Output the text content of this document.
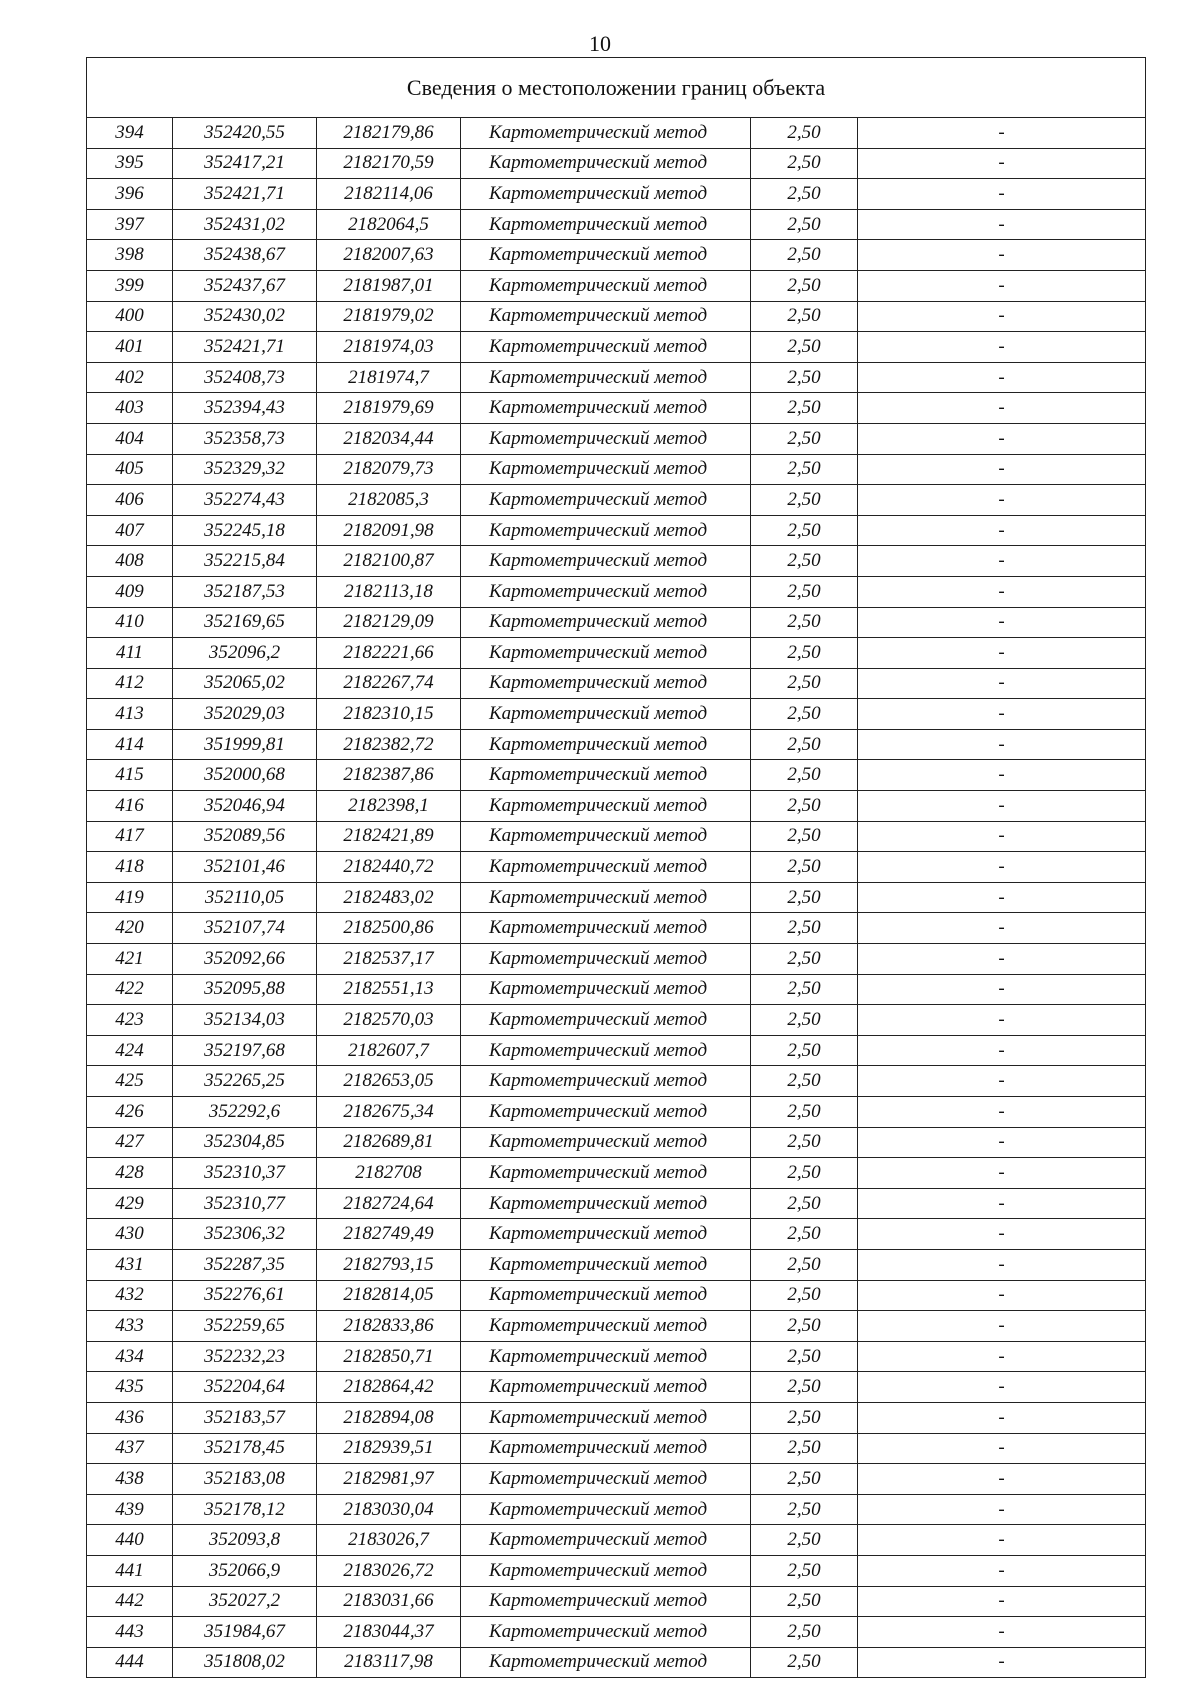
10
Сведения о местоположении границ объекта					
394	352420,55	2182179,86	Картометрический метод	2,50	-
395	352417,21	2182170,59	Картометрический метод	2,50	-
396	352421,71	2182114,06	Картометрический метод	2,50	-
397	352431,02	2182064,5	Картометрический метод	2,50	-
398	352438,67	2182007,63	Картометрический метод	2,50	-
399	352437,67	2181987,01	Картометрический метод	2,50	-
400	352430,02	2181979,02	Картометрический метод	2,50	-
401	352421,71	2181974,03	Картометрический метод	2,50	-
402	352408,73	2181974,7	Картометрический метод	2,50	-
403	352394,43	2181979,69	Картометрический метод	2,50	-
404	352358,73	2182034,44	Картометрический метод	2,50	-
405	352329,32	2182079,73	Картометрический метод	2,50	-
406	352274,43	2182085,3	Картометрический метод	2,50	-
407	352245,18	2182091,98	Картометрический метод	2,50	-
408	352215,84	2182100,87	Картометрический метод	2,50	-
409	352187,53	2182113,18	Картометрический метод	2,50	-
410	352169,65	2182129,09	Картометрический метод	2,50	-
411	352096,2	2182221,66	Картометрический метод	2,50	-
412	352065,02	2182267,74	Картометрический метод	2,50	-
413	352029,03	2182310,15	Картометрический метод	2,50	-
414	351999,81	2182382,72	Картометрический метод	2,50	-
415	352000,68	2182387,86	Картометрический метод	2,50	-
416	352046,94	2182398,1	Картометрический метод	2,50	-
417	352089,56	2182421,89	Картометрический метод	2,50	-
418	352101,46	2182440,72	Картометрический метод	2,50	-
419	352110,05	2182483,02	Картометрический метод	2,50	-
420	352107,74	2182500,86	Картометрический метод	2,50	-
421	352092,66	2182537,17	Картометрический метод	2,50	-
422	352095,88	2182551,13	Картометрический метод	2,50	-
423	352134,03	2182570,03	Картометрический метод	2,50	-
424	352197,68	2182607,7	Картометрический метод	2,50	-
425	352265,25	2182653,05	Картометрический метод	2,50	-
426	352292,6	2182675,34	Картометрический метод	2,50	-
427	352304,85	2182689,81	Картометрический метод	2,50	-
428	352310,37	2182708	Картометрический метод	2,50	-
429	352310,77	2182724,64	Картометрический метод	2,50	-
430	352306,32	2182749,49	Картометрический метод	2,50	-
431	352287,35	2182793,15	Картометрический метод	2,50	-
432	352276,61	2182814,05	Картометрический метод	2,50	-
433	352259,65	2182833,86	Картометрический метод	2,50	-
434	352232,23	2182850,71	Картометрический метод	2,50	-
435	352204,64	2182864,42	Картометрический метод	2,50	-
436	352183,57	2182894,08	Картометрический метод	2,50	-
437	352178,45	2182939,51	Картометрический метод	2,50	-
438	352183,08	2182981,97	Картометрический метод	2,50	-
439	352178,12	2183030,04	Картометрический метод	2,50	-
440	352093,8	2183026,7	Картометрический метод	2,50	-
441	352066,9	2183026,72	Картометрический метод	2,50	-
442	352027,2	2183031,66	Картометрический метод	2,50	-
443	351984,67	2183044,37	Картометрический метод	2,50	-
444	351808,02	2183117,98	Картометрический метод	2,50	-
